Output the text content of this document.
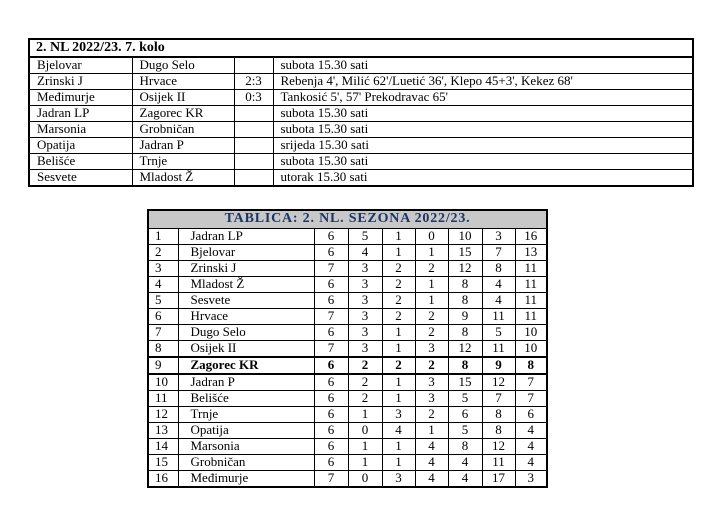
2. NL 2022/23. 7. kolo			
Bjelovar	Dugo Selo		subota 15.30 sati
Zrinski J	Hrvace	2:3	Rebenja 4', Milić 62'/Luetić 36', Klepo 45+3', Kekez 68'
Međimurje	Osijek II	0:3	Tankosić 5', 57' Prekodravac 65'
Jadran LP	Zagorec KR		subota 15.30 sati
Marsonia	Grobničan		subota 15.30 sati
Opatija	Jadran P		srijeda 15.30 sati
Belišće	Trnje		subota 15.30 sati
Sesvete	Mladost Ž		utorak 15.30 sati
TABLICA: 2. NL. SEZONA 2022/23.								
1	Jadran LP	6	5	1	0	10	3	16
2	Bjelovar	6	4	1	1	15	7	13
3	Zrinski J	7	3	2	2	12	8	11
4	Mladost Ž	6	3	2	1	8	4	11
5	Sesvete	6	3	2	1	8	4	11
6	Hrvace	7	3	2	2	9	11	11
7	Dugo Selo	6	3	1	2	8	5	10
8	Osijek II	7	3	1	3	12	11	10
9	Zagorec KR	6	2	2	2	8	9	8
10	Jadran P	6	2	1	3	15	12	7
11	Belišće	6	2	1	3	5	7	7
12	Trnje	6	1	3	2	6	8	6
13	Opatija	6	0	4	1	5	8	4
14	Marsonia	6	1	1	4	8	12	4
15	Grobničan	6	1	1	4	4	11	4
16	Međimurje	7	0	3	4	4	17	3
